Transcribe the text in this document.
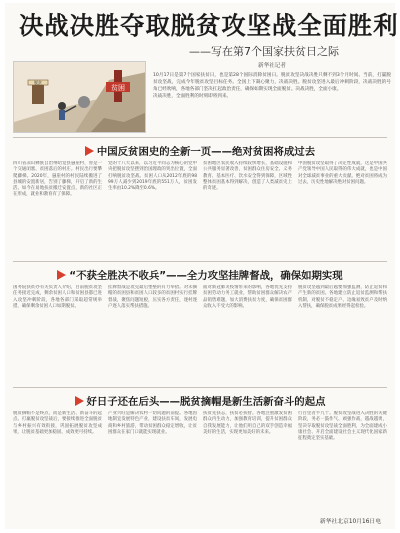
决战决胜夺取脱贫攻坚战全面胜利
——写在第7个国家扶贫日之际
脱贫
贫困
新华社记者
10月17日是第7个国家扶贫日，也是第28个国际消除贫困日。脱贫攻坚决战决胜只剩不到3个月时间。当前，打赢脱贫攻坚战，完成今年脱贫攻坚目标任务。全国上下凝心聚力，决战决胜。脱贫攻坚进入最后冲刺阶段，决战决胜的号角已经吹响，各地各部门坚决扛起政治责任，确保如期实现全面脱贫。决战决胜，全面小康。
决战决胜，全面胜利的时刻即将到来。
中国反贫困史的全新一页——绝对贫困将成过去
四川省凉山彝族自治州昭觉县悬崖村，曾是一个交通闭塞、贫困落后的村庄。村民出行要攀爬藤梯。2020年，悬崖村的村民陆续搬进了县城的安置新居，告别了藤梯，开启了新的生活。如今在易地扶贫搬迁安置点，新的社区正在形成，就业和教育有了保障。
党的十八大以来，以习近平同志为核心的党中央把脱贫攻坚摆到治国理政的突出位置，全面打响脱贫攻坚战。贫困人口从2012年底的9899万人减少到2019年底的551万人，贫困发生率由10.2%降至0.6%。
贫困地区农民收入持续较快增长，基础设施和公共服务显著改善，贫困群众住房安全、义务教育、基本医疗、饮水安全得到保障，区域性整体贫困基本得到解决，创造了人类减贫史上的奇迹。
中国脱贫攻坚取得了决定性成就，这是中国共产党领导中国人民取得的伟大成就，也是中国对全球减贫事业的重大贡献。绝对贫困将成为过去，历史性地解决绝对贫困问题。
“不获全胜决不收兵”——全力攻坚挂牌督战，确保如期实现
国务院扶贫办有关负责人介绍，目前脱贫攻坚任务接近完成，剩余贫困人口和贫困县都已进入攻坚冲刺阶段，各地各部门采取超常规举措，确保剩余贫困人口如期脱贫。
挂牌督战是攻克最后堡垒的有力举措。对未摘帽的贫困县和贫困人口较多的贫困村实行挂牌督战，聚焦问题短板，压实各方责任，逐村逐户逐人落实帮扶措施。
面对新冠肺炎疫情带来的影响，各地优先支持贫困劳动力务工就业，帮助贫困群众解决农产品销售难题，加大消费扶贫力度，确保贫困群众收入不受大的影响。
脱贫攻坚越到最后越要加强监测，防止返贫和产生新的贫困。各地建立防止返贫监测和帮扶机制，对脱贫不稳定户、边缘易致贫户及时纳入帮扶，确保脱贫成果经得起检验。
好日子还在后头——脱贫摘帽是新生活新奋斗的起点
脱贫摘帽不是终点，而是新生活、新奋斗的起点。打赢脱贫攻坚战后，要接续推进全面脱贫与乡村振兴有效衔接，巩固拓展脱贫攻坚成果，让脱贫基础更加稳固、成效更可持续。
产业兴旺是解决农村一切问题的前提。各地因地制宜发展特色产业，建设扶贫车间，发展电商和乡村旅游，带动贫困群众稳定增收，让贫困群众在家门口就能实现就业。
扶贫先扶志，扶贫必扶智。各地注重激发贫困群众内生动力，加强教育培训，提升贫困群众自我发展能力，让他们用自己的双手创造幸福美好的生活，实现更加美好的未来。
行百里者半九十。脱贫攻坚战进入决胜的关键阶段，务必一鼓作气、顽强作战，越战越勇，坚决夺取脱贫攻坚战全面胜利，为全面建成小康社会、开启全面建设社会主义现代化国家新征程奠定坚实基础。
新华社北京10月16日电
